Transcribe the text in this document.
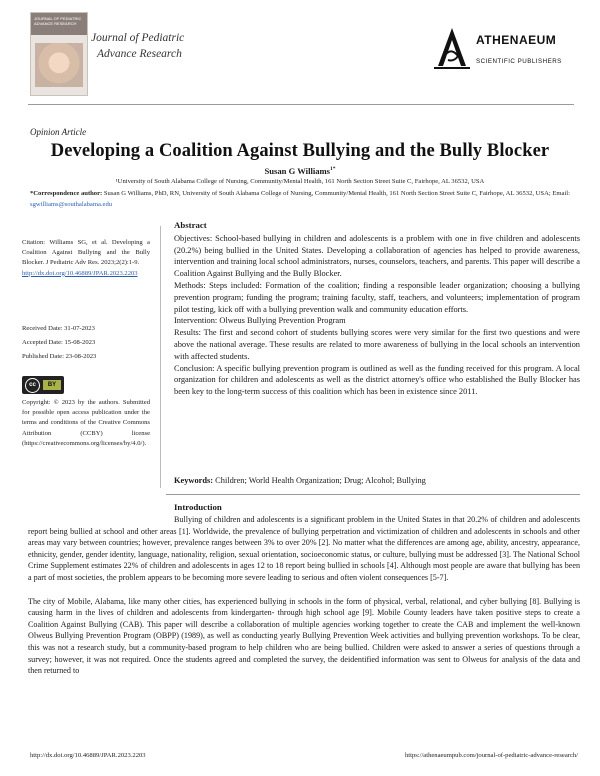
JOURNAL OF PEDIATRIC ADVANCE RESEARCH
Journal of Pediatric
Advance Research
ATHENAEUM
SCIENTIFIC PUBLISHERS
Opinion Article
Developing a Coalition Against Bullying and the Bully Blocker
Susan G Williams$^{1*}$
¹University of South Alabama College of Nursing, Community/Mental Health, 161 North Section Street Suite C, Fairhope, AL 36532, USA
*Correspondence author: Susan G Williams, PhD, RN, University of South Alabama College of Nursing, Community/Mental Health, 161 North Section Street Suite C, Fairhope, AL 36532, USA; Email: sgwilliams@southalabama.edu
Citation: Williams SG, et al. Developing a Coalition Against Bullying and the Bully Blocker. J Pediatric Adv Res. 2023;2(2):1-9.
http://dx.doi.org/10.46889/JPAR.2023.2203
Received Date: 31-07-2023
Accepted Date: 15-08-2023
Published Date: 23-08-2023
cc	BY
Copyright: © 2023 by the authors. Submitted for possible open access publication under the terms and conditions of the Creative Commons Attribution (CCBY) license (https://creativecommons.org/licenses/by/4.0/).
Abstract

Objectives: School-based bullying in children and adolescents is a problem with one in five children and adolescents (20.2%) being bullied in the United States. Developing a collaboration of agencies has helped to provide awareness, intervention and training local school administrators, nurses, counselors, teachers, and parents. This paper will describe a Coalition Against Bullying and the Bully Blocker.

Methods: Steps included: Formation of the coalition; finding a responsible leader organization; choosing a bullying prevention program; funding the program; training faculty, staff, teachers, and volunteers; implementation of program pilot testing, kick off with a bullying prevention walk and community education efforts.

Intervention: Olweus Bullying Prevention Program

Results: The first and second cohort of students bullying scores were very similar for the first two questions and were above the national average. These results are related to more awareness of bullying in the local schools an intervention with affected students.

Conclusion: A specific bullying prevention program is outlined as well as the funding received for this program. A local organization for children and adolescents as well as the district attorney's office who established the Bully Blocker has been key to the long-term success of this coalition which has been in existence since 2011.

Keywords: Children; World Health Organization; Drug; Alcohol; Bullying
Introduction

Bullying of children and adolescents is a significant problem in the United States in that 20.2% of children and adolescents report being bullied at school and other areas [1]. Worldwide, the prevalence of bullying perpetration and victimization of children and adolescents in schools and other areas may vary between countries; however, prevalence ranges between 3% to over 20% [2]. No matter what the differences are among age, ability, ancestry, appearance, ethnicity, gender, gender identity, language, nationality, religion, sexual orientation, socioeconomic status, or culture, bullying must be addressed [3]. The National School Crime Supplement estimates 22% of children and adolescents in ages 12 to 18 report being bullied in schools [4]. Although most people are aware that bullying has been a part of most societies, the problem appears to be becoming more severe leading to serious and often violent consequences [5-7].

The city of Mobile, Alabama, like many other cities, has experienced bullying in schools in the form of physical, verbal, relational, and cyber bullying [8]. Bullying is causing harm in the lives of children and adolescents from kindergarten- through high school age [9]. Mobile County leaders have taken positive steps to create a Coalition Against Bullying (CAB). This paper will describe a collaboration of multiple agencies working together to create the CAB and implement the well-known Olweus Bullying Prevention Program (OBPP) (1989), as well as conducting yearly Bullying Prevention Week activities and bullying prevention workshops. To be clear, this was not a research study, but a community-based program to help children who are being bullied. Children were asked to answer a series of questions through a survey; however, it was not required. Once the students agreed and completed the survey, the deidentified information was sent to Olweus for analysis of the data and then returned to

http://dx.doi.org/10.46889/JPAR.2023.2203	https://athenaeumpub.com/journal-of-pediatric-advance-research/
